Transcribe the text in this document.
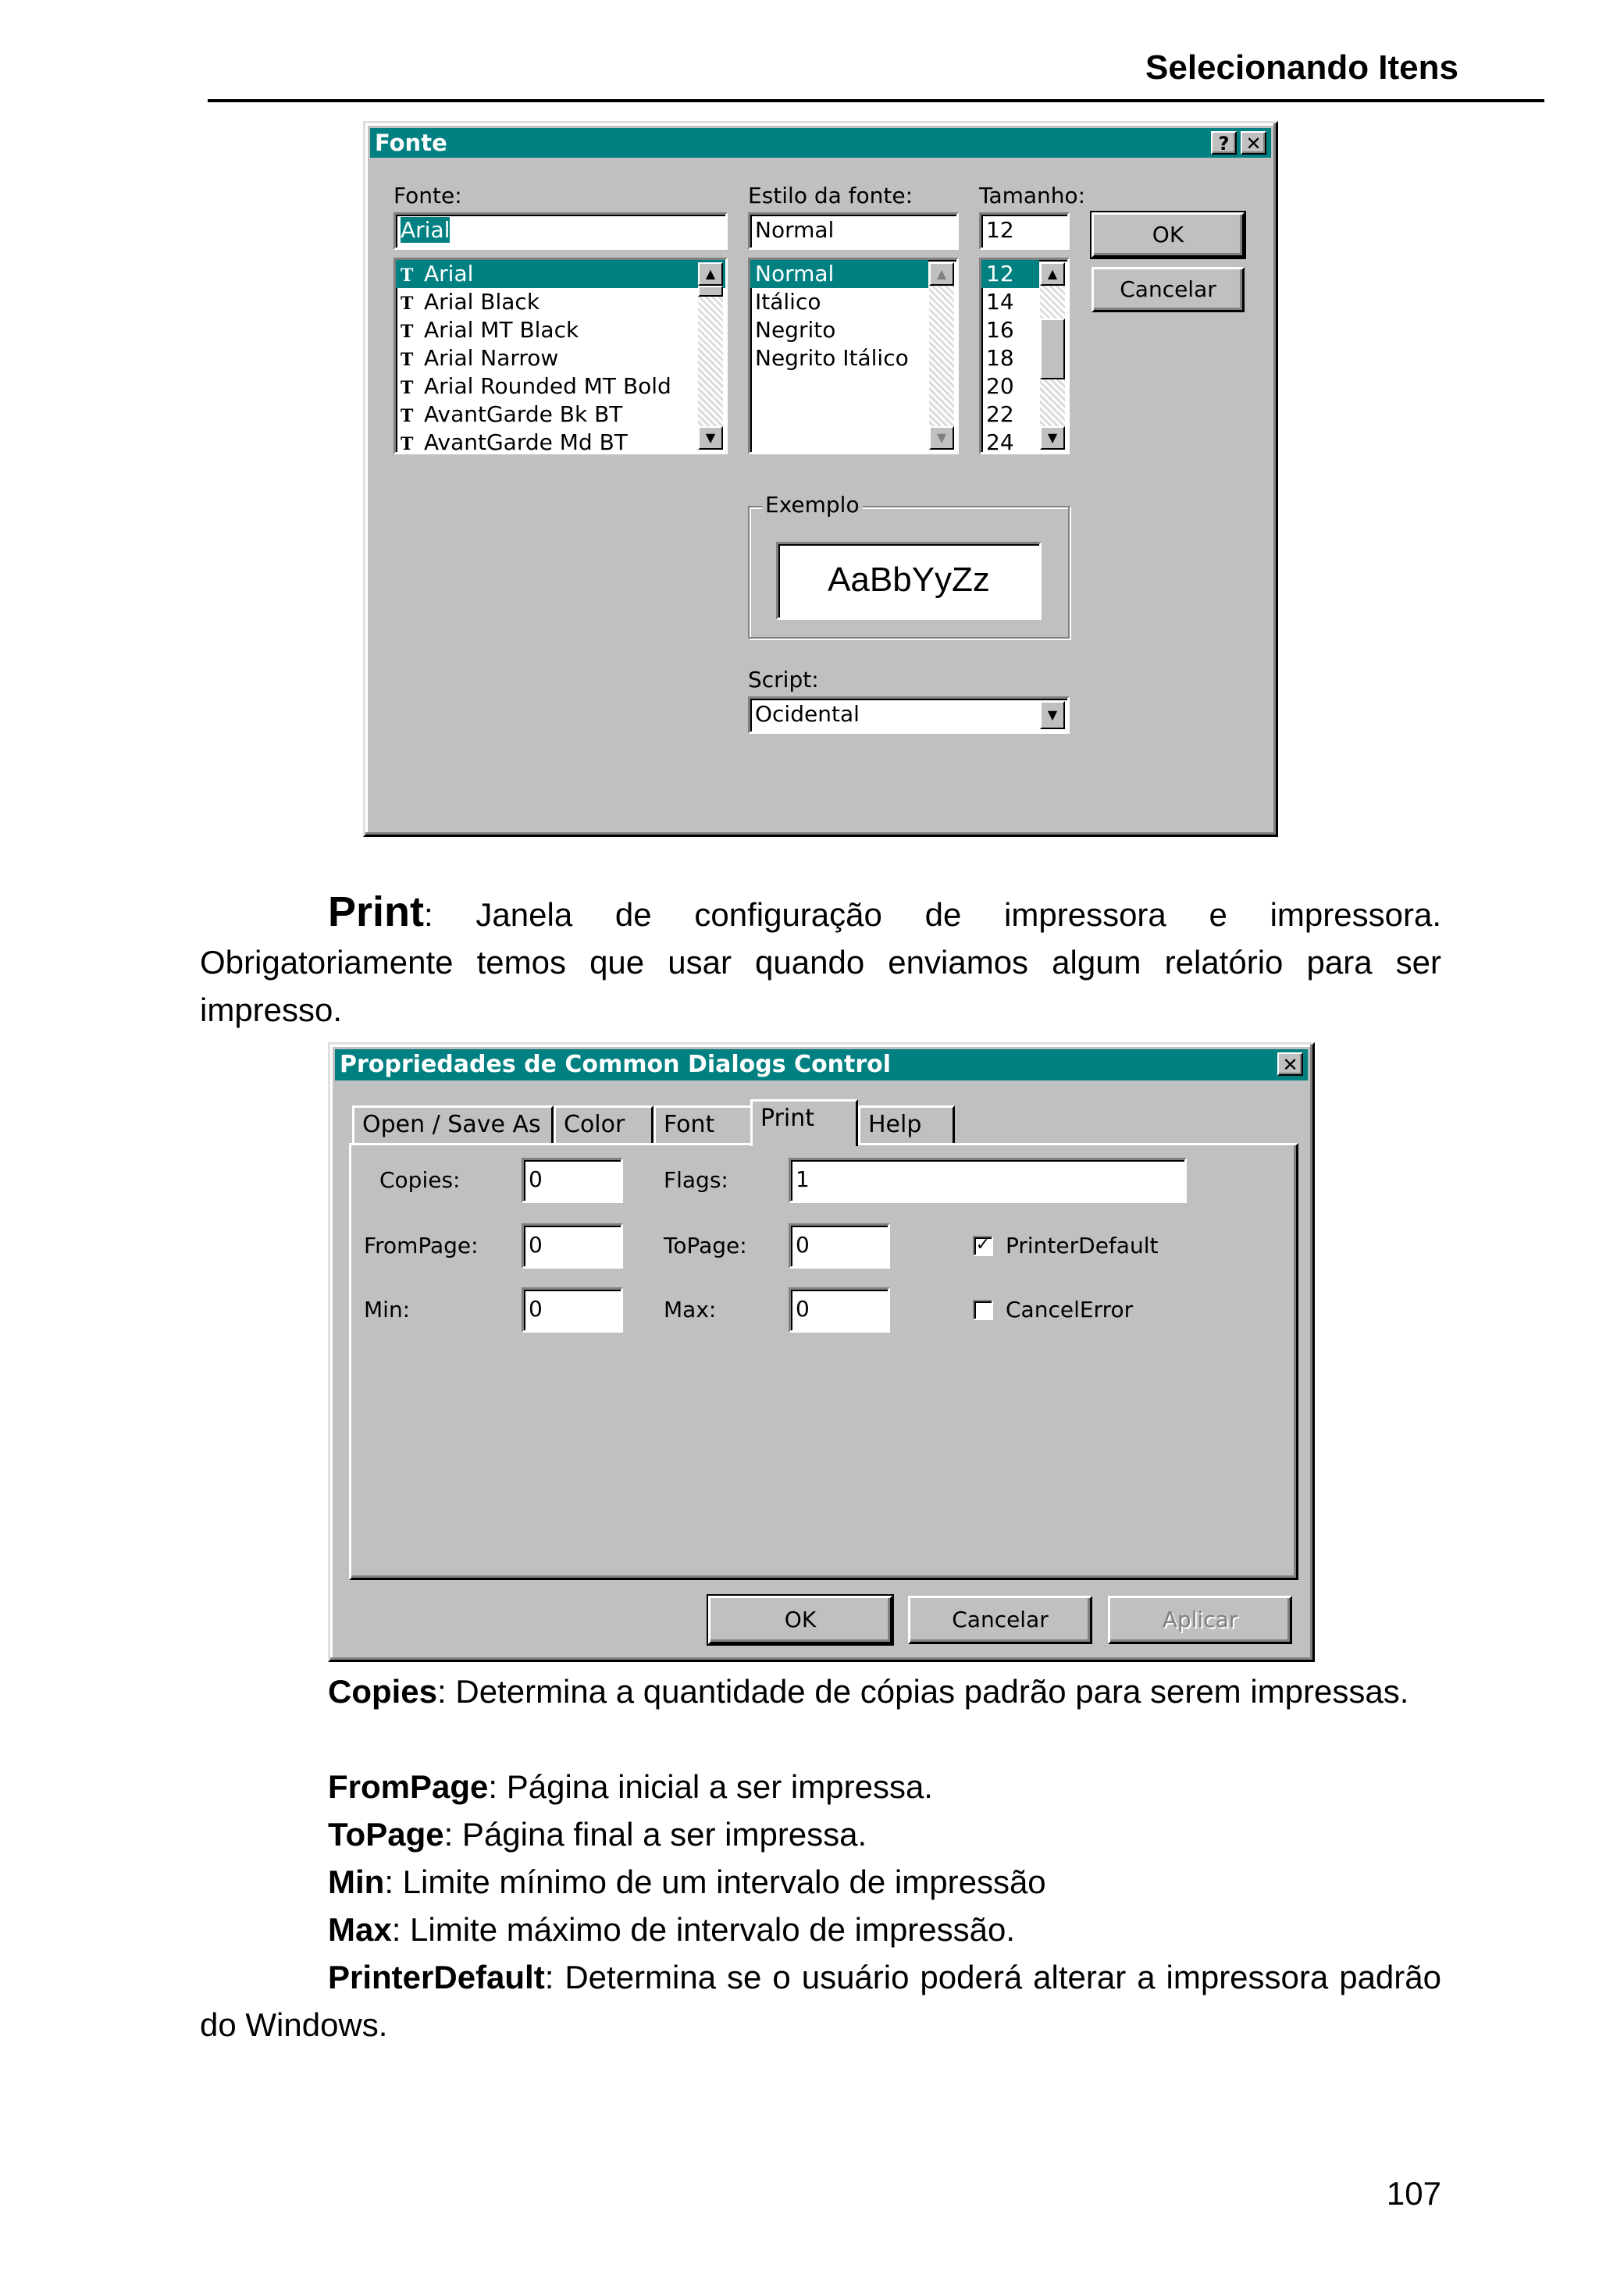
Selecionando Itens
Fonte	? ✕
Fonte:
Arial
T Arial
T Arial Black
T Arial MT Black
T Arial Narrow
T Arial Rounded MT Bold
T AvantGarde Bk BT
T AvantGarde Md BT
▲
▼
Estilo da fonte:
Normal
Normal
Itálico
Negrito
Negrito Itálico
▲
▼
Tamanho:
12
12
14
16
18
20
22
24
▲
▼
OK
Cancelar
Exemplo
AaBbYyZz
Script:
Ocidental	▼
Print: Janela de configuração de impressora e impressora. Obrigatoriamente temos que usar quando enviamos algum relatório para ser impresso.
Propriedades de Common Dialogs Control	✕
Open / Save As Color	Font	Print	Help
Copies:	0	Flags:	1
FromPage:	0	ToPage:	0	✓ PrinterDefault
Min:	0	Max:	0	CancelError
OK	Cancelar	Aplicar
Copies: Determina a quantidade de cópias padrão para serem impressas.
FromPage: Página inicial a ser impressa.
ToPage: Página final a ser impressa.
Min: Limite mínimo de um intervalo de impressão
Max: Limite máximo de intervalo de impressão.
PrinterDefault: Determina se o usuário poderá alterar a impressora padrão do Windows.
107
